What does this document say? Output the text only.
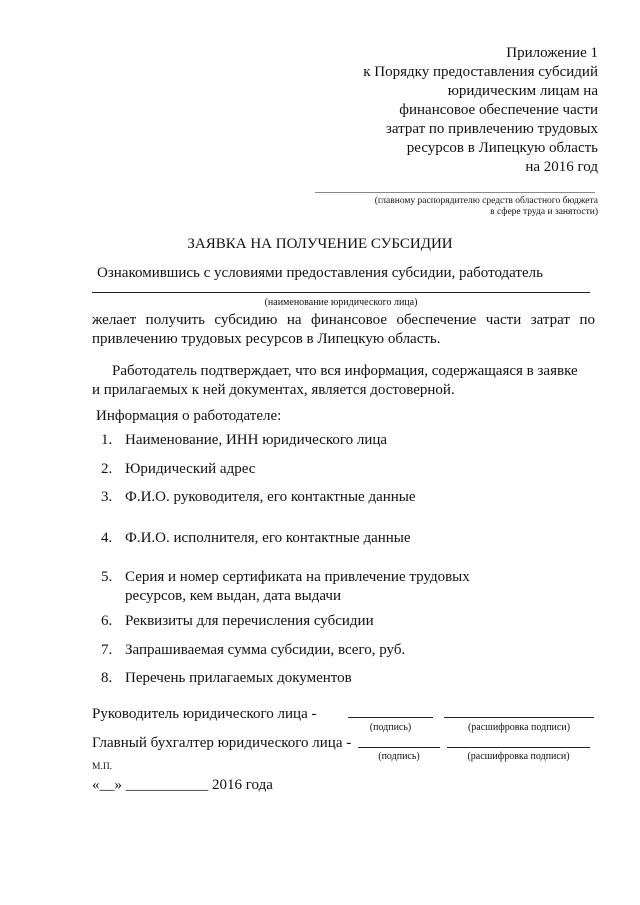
Приложение 1
к Порядку предоставления субсидий
юридическим лицам на
финансовое обеспечение части
затрат по привлечению трудовых
ресурсов в Липецкую область
на 2016 год
(главному распорядителю средств областного бюджета
в сфере труда и занятости)
ЗАЯВКА НА ПОЛУЧЕНИЕ СУБСИДИИ
Ознакомившись с условиями предоставления субсидии, работодатель
(наименование юридического лица)
желает получить субсидию на финансовое обеспечение части затрат по привлечению трудовых ресурсов в Липецкую область.
Работодатель подтверждает, что вся информация, содержащаяся в заявке
и прилагаемых к ней документах, является достоверной.
Информация о работодателе:
1. Наименование, ИНН юридического лица
2. Юридический адрес
3. Ф.И.О. руководителя, его контактные данные
4. Ф.И.О. исполнителя, его контактные данные
5. Серия и номер сертификата на привлечение трудовых
ресурсов, кем выдан, дата выдачи
6. Реквизиты для перечисления субсидии
7. Запрашиваемая сумма субсидии, всего, руб.
8. Перечень прилагаемых документов
Руководитель юридического лица -
(подпись)	(расшифровка подписи)
Главный бухгалтер юридического лица -
(подпись)	(расшифровка подписи)
М.П.
«__» ___________ 2016 года
